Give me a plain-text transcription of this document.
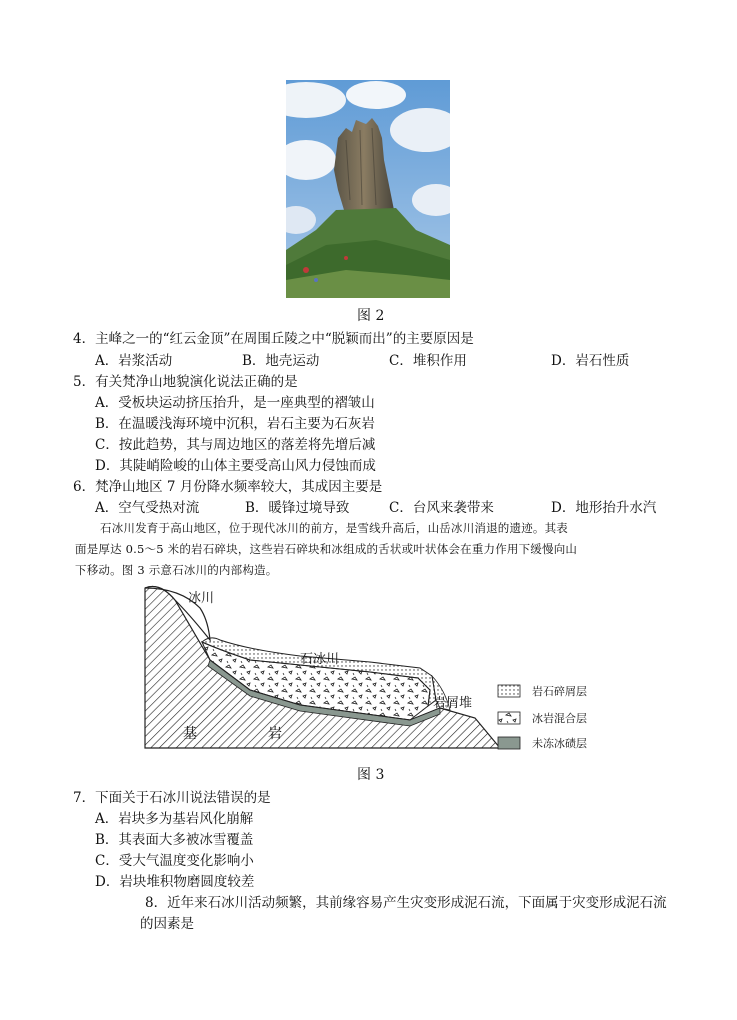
图 2
4．主峰之一的“红云金顶”在周围丘陵之中“脱颖而出”的主要原因是
A．岩浆活动	B．地壳运动	C．堆积作用	D．岩石性质
5．有关梵净山地貌演化说法正确的是
A．受板块运动挤压抬升，是一座典型的褶皱山
B．在温暖浅海环境中沉积，岩石主要为石灰岩
C．按此趋势，其与周边地区的落差将先增后减
D．其陡峭险峻的山体主要受高山风力侵蚀而成
6．梵净山地区 7 月份降水频率较大，其成因主要是
A．空气受热对流	B．暖锋过境导致	C．台风来袭带来	D．地形抬升水汽
石冰川发育于高山地区，位于现代冰川的前方，是雪线升高后，山岳冰川消退的遗迹。其表
面是厚达 0.5～5 米的岩石碎块，这些岩石碎块和冰组成的舌状或叶状体会在重力作用下缓慢向山
下移动。图 3 示意石冰川的内部构造。
冰川
石冰川
岩屑堆
基	岩
岩石碎屑层
冰岩混合层
未冻冰碛层
图 3
7．下面关于石冰川说法错误的是
A．岩块多为基岩风化崩解
B．其表面大多被冰雪覆盖
C．受大气温度变化影响小
D．岩块堆积物磨圆度较差
8．近年来石冰川活动频繁，其前缘容易产生灾变形成泥石流，下面属于灾变形成泥石流
的因素是
